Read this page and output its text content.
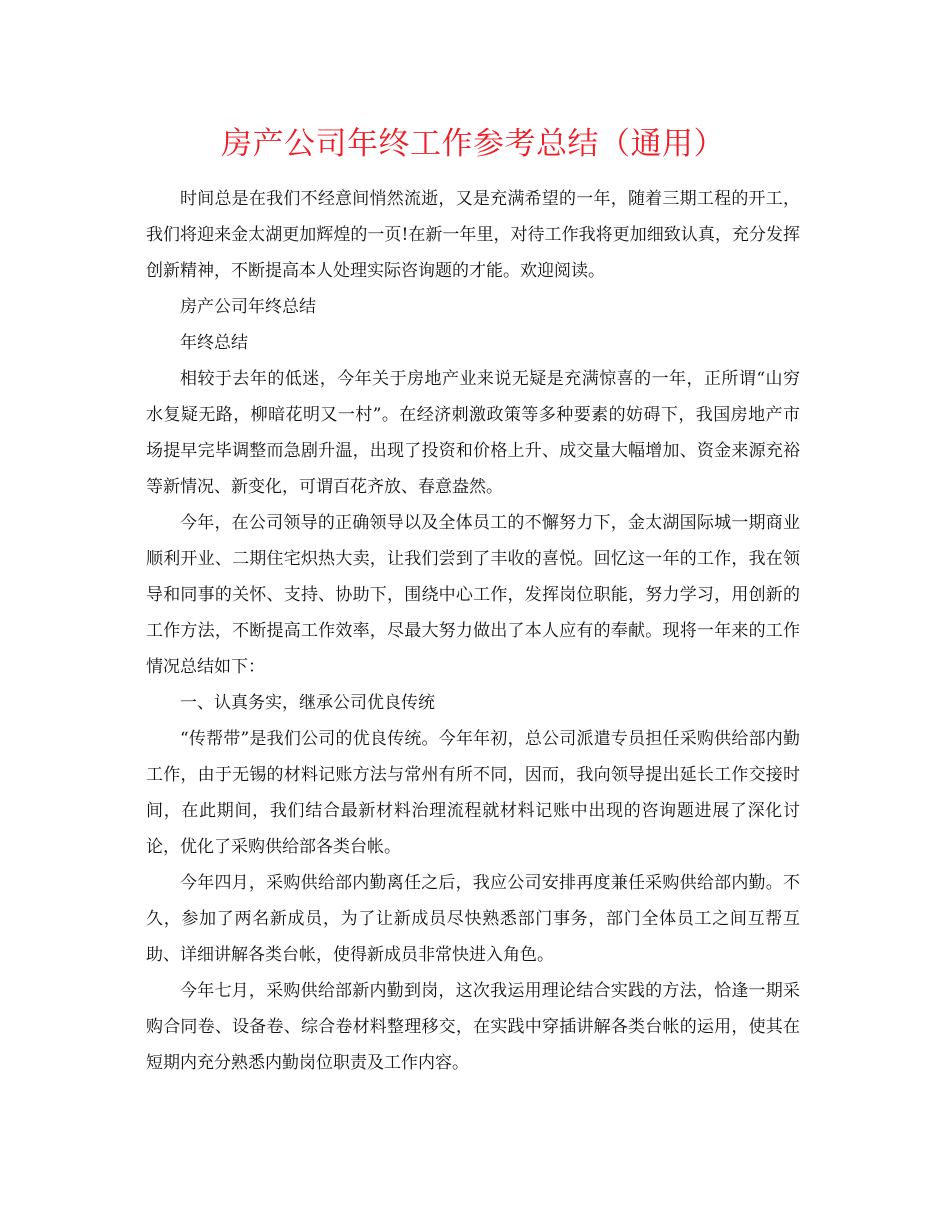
房产公司年终工作参考总结（通用）

时间总是在我们不经意间悄然流逝，又是充满希望的一年，随着三期工程的开工，我们将迎来金太湖更加辉煌的一页!在新一年里，对待工作我将更加细致认真，充分发挥创新精神，不断提高本人处理实际咨询题的才能。欢迎阅读。

房产公司年终总结

年终总结

相较于去年的低迷，今年关于房地产业来说无疑是充满惊喜的一年，正所谓“山穷水复疑无路，柳暗花明又一村”。在经济刺激政策等多种要素的妨碍下，我国房地产市场提早完毕调整而急剧升温，出现了投资和价格上升、成交量大幅增加、资金来源充裕等新情况、新变化，可谓百花齐放、春意盎然。

今年，在公司领导的正确领导以及全体员工的不懈努力下，金太湖国际城一期商业顺利开业、二期住宅炽热大卖，让我们尝到了丰收的喜悦。回忆这一年的工作，我在领导和同事的关怀、支持、协助下，围绕中心工作，发挥岗位职能，努力学习，用创新的工作方法，不断提高工作效率，尽最大努力做出了本人应有的奉献。现将一年来的工作情况总结如下：

一、认真务实，继承公司优良传统

“传帮带”是我们公司的优良传统。今年年初，总公司派遣专员担任采购供给部内勤工作，由于无锡的材料记账方法与常州有所不同，因而，我向领导提出延长工作交接时间，在此期间，我们结合最新材料治理流程就材料记账中出现的咨询题进展了深化讨论，优化了采购供给部各类台帐。

今年四月，采购供给部内勤离任之后，我应公司安排再度兼任采购供给部内勤。不久，参加了两名新成员，为了让新成员尽快熟悉部门事务，部门全体员工之间互帮互助、详细讲解各类台帐，使得新成员非常快进入角色。

今年七月，采购供给部新内勤到岗，这次我运用理论结合实践的方法，恰逢一期采购合同卷、设备卷、综合卷材料整理移交，在实践中穿插讲解各类台帐的运用，使其在短期内充分熟悉内勤岗位职责及工作内容。
